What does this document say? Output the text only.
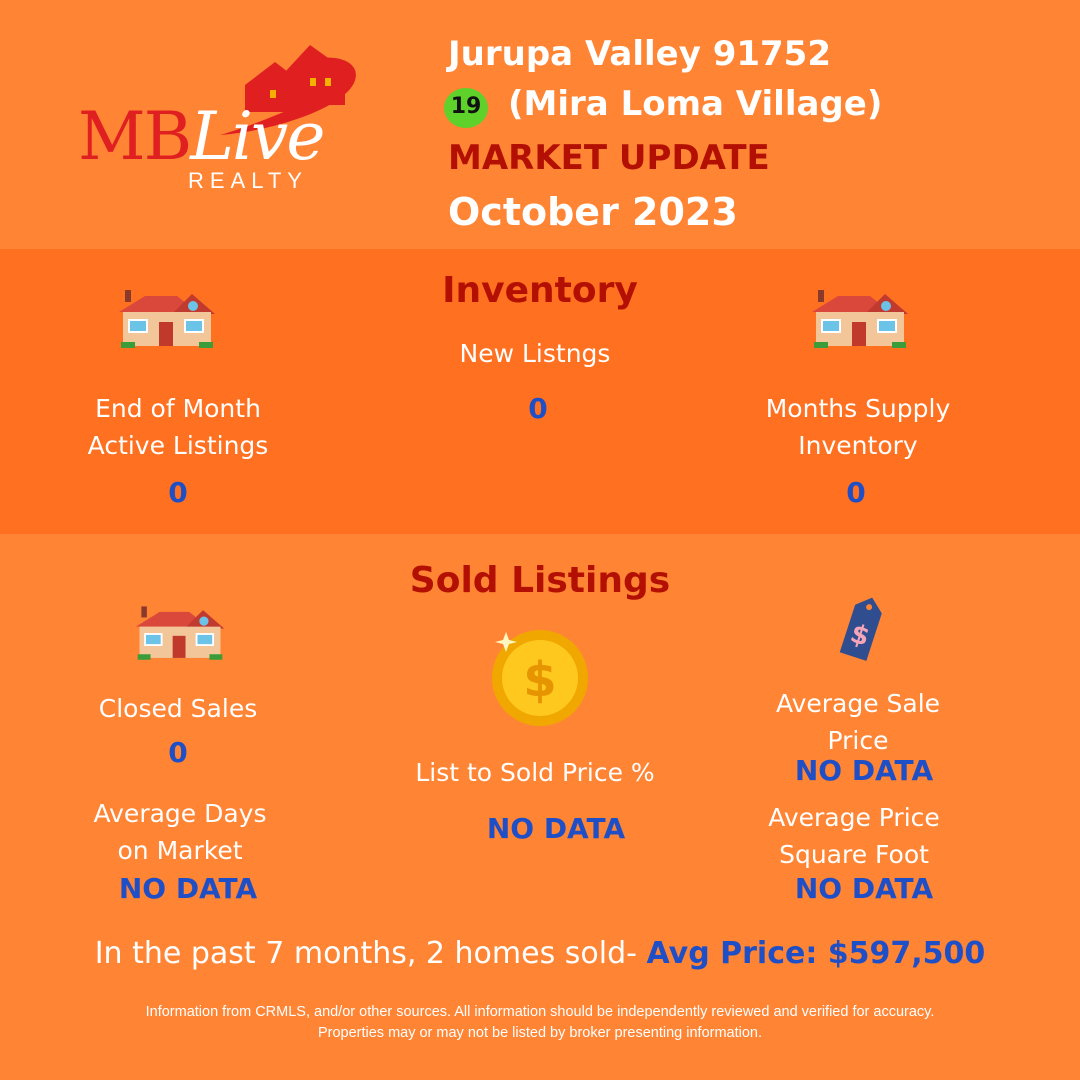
MBLive
REALTY
Jurupa Valley 91752
19 (Mira Loma Village)
MARKET UPDATE
October 2023
Inventory
New Listngs
0
End of Month
Active Listings
0
Months Supply
Inventory
0
Sold Listings
$
$
Closed Sales
0
Average Days
on Market
NO DATA
List to Sold Price %
NO DATA
Average Sale
Price
NO DATA
Average Price
Square Foot
NO DATA
In the past 7 months, 2 homes sold- Avg Price: $597,500
Information from CRMLS, and/or other sources. All information should be independently reviewed and verified for accuracy.
Properties may or may not be listed by broker presenting information.
